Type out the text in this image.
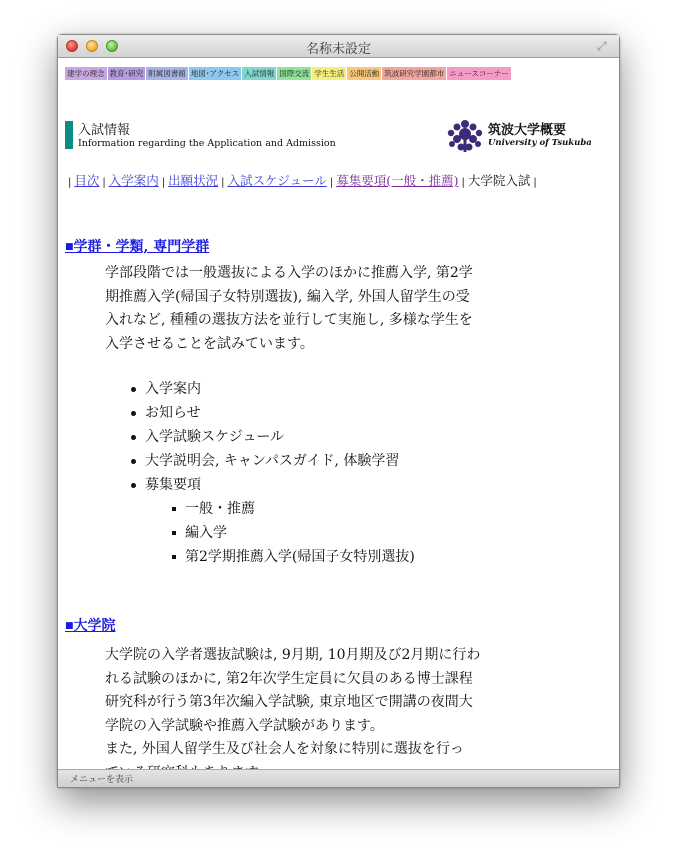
名称未設定	⤢
建学の理念 教育･研究 附属図書館 地図･アクセス 入試情報 国際交流 学生生活 公開活動 筑波研究学園都市 ニュースコーナー
入試情報
Information regarding the Application and Admission
筑波大学概要
University of Tsukuba
| 目次 | 入学案内 | 出願状況 | 入試スケジュール | 募集要項(一般・推薦) | 大学院入試 |
■学群・学類, 専門学群
学部段階では一般選抜による入学のほかに推薦入学, 第2学
期推薦入学(帰国子女特別選抜), 編入学, 外国人留学生の受
入れなど, 種種の選抜方法を並行して実施し, 多様な学生を
入学させることを試みています。
入学案内
お知らせ
入学試験スケジュール
大学説明会, キャンパスガイド, 体験学習
募集要項
一般・推薦
編入学
第2学期推薦入学(帰国子女特別選抜)
■大学院
大学院の入学者選抜試験は, 9月期, 10月期及び2月期に行わ
れる試験のほかに, 第2年次学生定員に欠員のある博士課程
研究科が行う第3年次編入学試験, 東京地区で開講の夜間大
学院の入学試験や推薦入学試験があります。
また, 外国人留学生及び社会人を対象に特別に選抜を行っ
メニューを表示
